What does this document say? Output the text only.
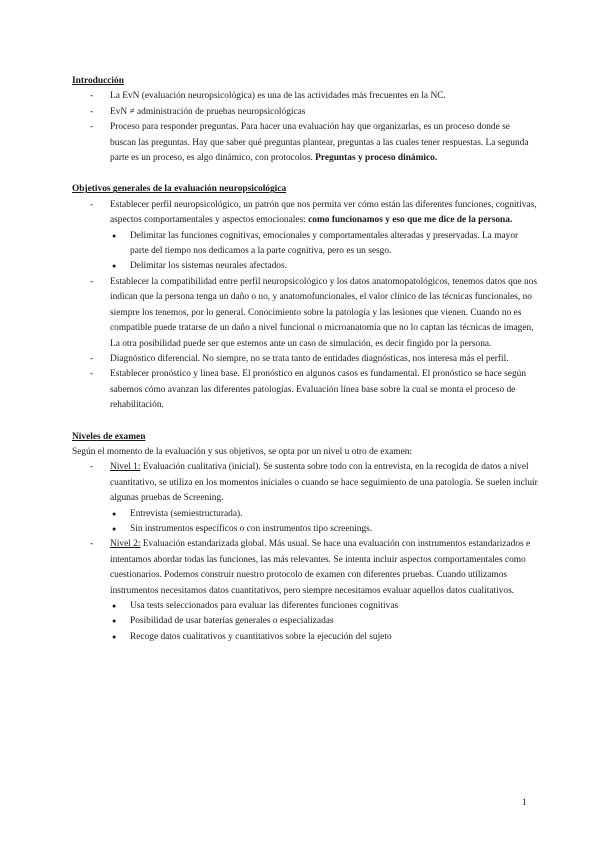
Introducción

- La EvN (evaluación neuropsicológica) es una de las actividades más frecuentes en la NC.
- EvN ≠ administración de pruebas neuropsicológicas
- Proceso para responder preguntas. Para hacer una evaluación hay que organizarlas, es un proceso donde se buscan las preguntas. Hay que saber qué preguntas plantear, preguntas a las cuales tener respuestas. La segunda parte es un proceso, es algo dinámico, con protocolos. Preguntas y proceso dinámico.

Objetivos generales de la evaluación neuropsicológica

- Establecer perfil neuropsicológico, un patrón que nos permita ver cómo están las diferentes funciones, cognitivas, aspectos comportamentales y aspectos emocionales: como funcionamos y eso que me dice de la persona.
● Delimitar las funciones cognitivas, emocionales y comportamentales alteradas y preservadas. La mayor parte del tiempo nos dedicamos a la parte cognitiva, pero es un sesgo.
● Delimitar los sistemas neurales afectados.
- Establecer la compatibilidad entre perfil neuropsicológico y los datos anatomopatológicos, tenemos datos que nos indican que la persona tenga un daño o no, y anatomofuncionales, el valor clínico de las técnicas funcionales, no siempre los tenemos, por lo general. Conocimiento sobre la patología y las lesiones que vienen. Cuando no es compatible puede tratarse de un daño a nivel funcional o microanatomía que no lo captan las técnicas de imagen, La otra posibilidad puede ser que estemos ante un caso de simulación, es decir fingido por la persona.
- Diagnóstico diferencial. No siempre, no se trata tanto de entidades diagnósticas, nos interesa más el perfil.
- Establecer pronóstico y línea base. El pronóstico en algunos casos es fundamental. El pronóstico se hace según sabemos cómo avanzan las diferentes patologías. Evaluación línea base sobre la cual se monta el proceso de rehabilitación.

Niveles de examen

Según el momento de la evaluación y sus objetivos, se opta por un nivel u otro de examen:

- Nivel 1: Evaluación cualitativa (inicial). Se sustenta sobre todo con la entrevista, en la recogida de datos a nivel cuantitativo, se utiliza en los momentos iniciales o cuando se hace seguimiento de una patología. Se suelen incluir algunas pruebas de Screening.
● Entrevista (semiestructurada).
● Sin instrumentos específicos o con instrumentos tipo screenings.
- Nivel 2: Evaluación estandarizada global. Más usual. Se hace una evaluación con instrumentos estandarizados e intentamos abordar todas las funciones, las más relevantes. Se intenta incluir aspectos comportamentales como cuestionarios. Podemos construir nuestro protocolo de examen con diferentes pruebas. Cuando utilizamos instrumentos necesitamos datos cuantitativos, pero siempre necesitamos evaluar aquellos datos cualitativos.
● Usa tests seleccionados para evaluar las diferentes funciones cognitivas
● Posibilidad de usar baterías generales o especializadas
● Recoge datos cualitativos y cuantitativos sobre la ejecución del sujeto
1
